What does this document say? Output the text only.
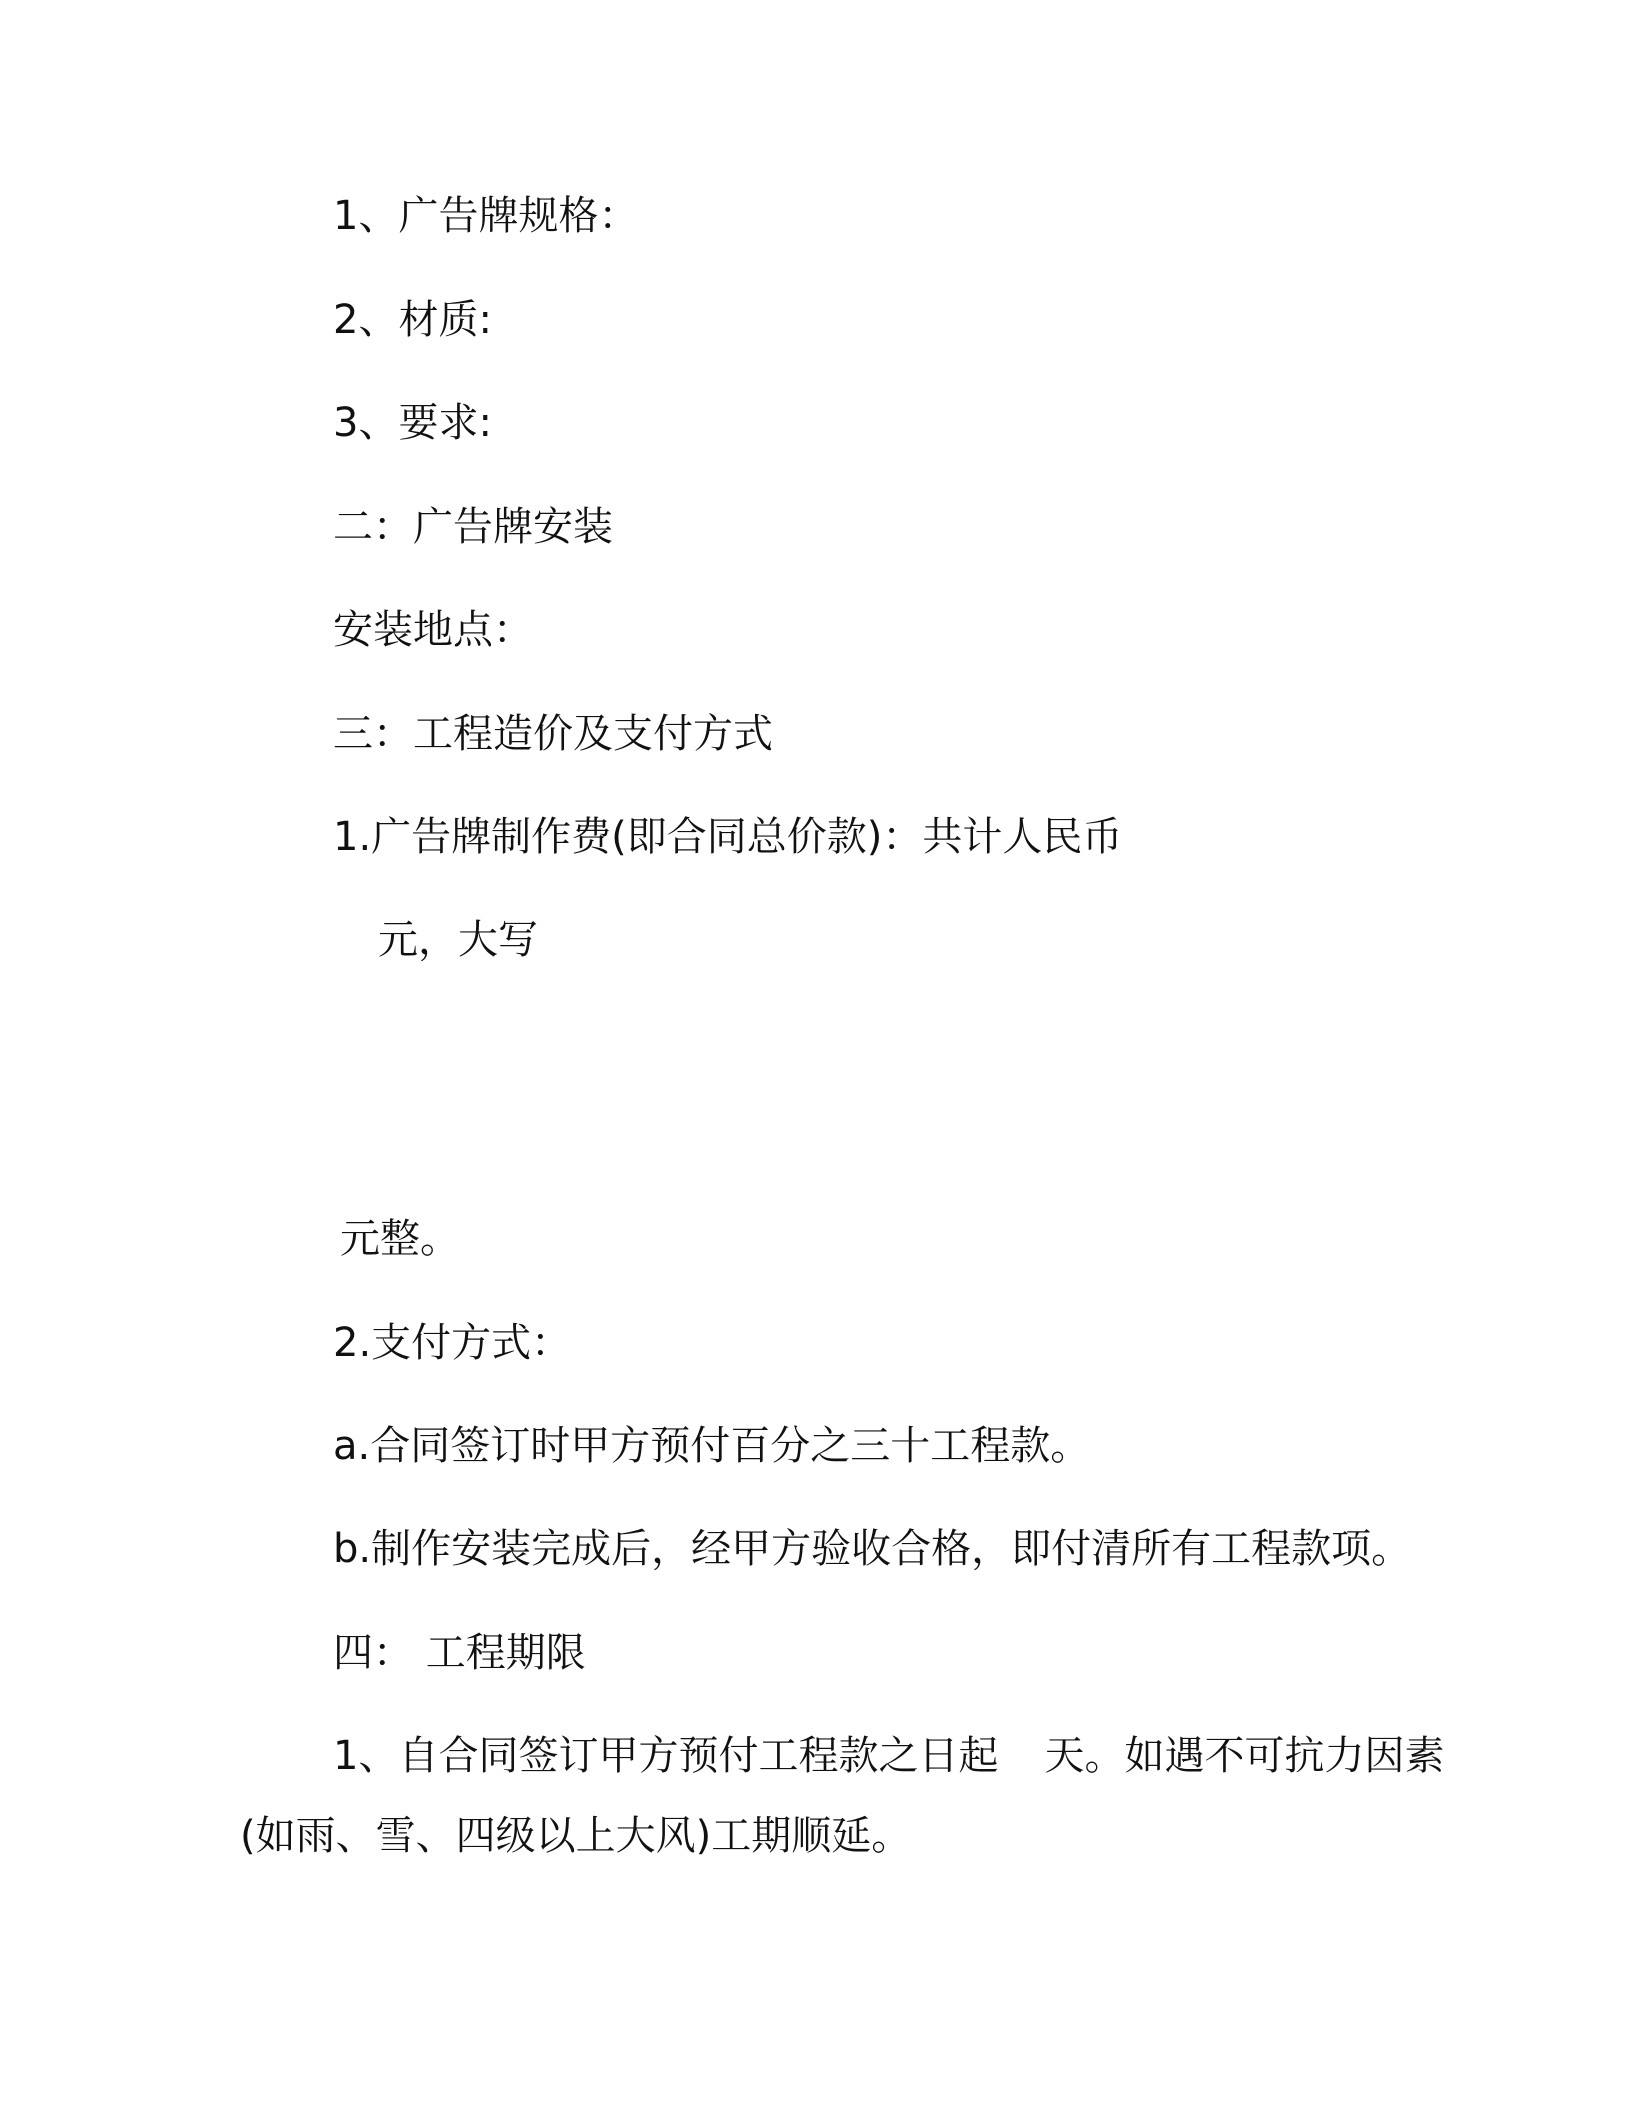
1、广告牌规格：
2、材质:
3、要求:
二：广告牌安装
安装地点：
三：工程造价及支付方式
1.广告牌制作费(即合同总价款)：共计人民币
元，大写
元整。
2.支付方式：
a.合同签订时甲方预付百分之三十工程款。
b.制作安装完成后，经甲方验收合格，即付清所有工程款项。
四： 工程期限
1、自合同签订甲方预付工程款之日起 天。如遇不可抗力因素
(如雨、雪、四级以上大风)工期顺延。
